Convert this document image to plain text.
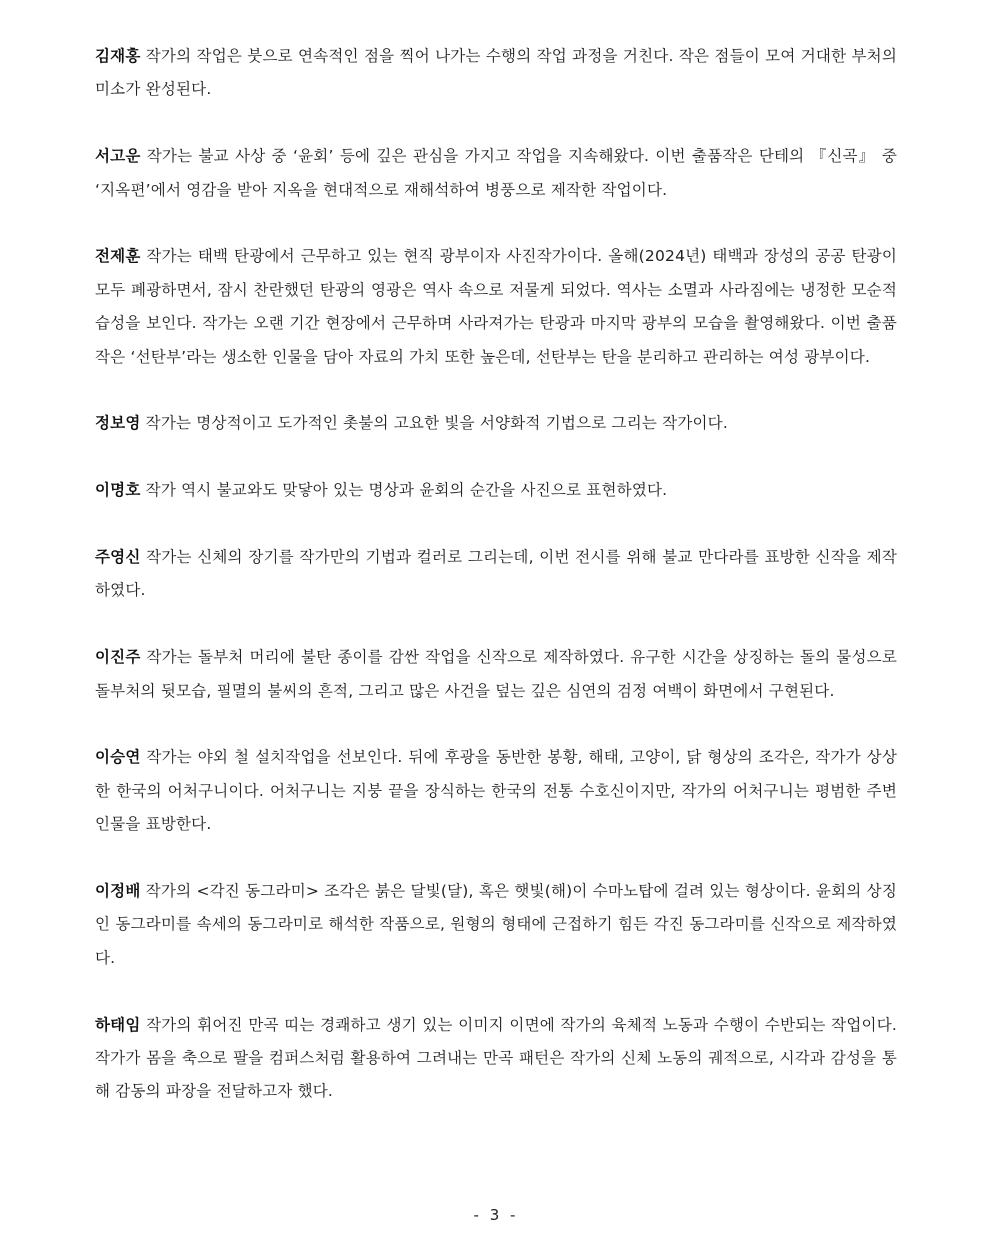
김재홍 작가의 작업은 붓으로 연속적인 점을 찍어 나가는 수행의 작업 과정을 거친다. 작은 점들이 모여 거대한 부처의 미소가 완성된다.

서고운 작가는 불교 사상 중 ‘윤회’ 등에 깊은 관심을 가지고 작업을 지속해왔다. 이번 출품작은 단테의 『신곡』 중 ‘지옥편’에서 영감을 받아 지옥을 현대적으로 재해석하여 병풍으로 제작한 작업이다.

전제훈 작가는 태백 탄광에서 근무하고 있는 현직 광부이자 사진작가이다. 올해(2024년) 태백과 장성의 공공 탄광이 모두 폐광하면서, 잠시 찬란했던 탄광의 영광은 역사 속으로 저물게 되었다. 역사는 소멸과 사라짐에는 냉정한 모순적 습성을 보인다. 작가는 오랜 기간 현장에서 근무하며 사라져가는 탄광과 마지막 광부의 모습을 촬영해왔다. 이번 출품작은 ‘선탄부’라는 생소한 인물을 담아 자료의 가치 또한 높은데, 선탄부는 탄을 분리하고 관리하는 여성 광부이다.

정보영 작가는 명상적이고 도가적인 촛불의 고요한 빛을 서양화적 기법으로 그리는 작가이다.

이명호 작가 역시 불교와도 맞닿아 있는 명상과 윤회의 순간을 사진으로 표현하였다.

주영신 작가는 신체의 장기를 작가만의 기법과 컬러로 그리는데, 이번 전시를 위해 불교 만다라를 표방한 신작을 제작하였다.

이진주 작가는 돌부처 머리에 불탄 종이를 감싼 작업을 신작으로 제작하였다. 유구한 시간을 상징하는 돌의 물성으로 돌부처의 뒷모습, 필멸의 불씨의 흔적, 그리고 많은 사건을 덮는 깊은 심연의 검정 여백이 화면에서 구현된다.

이승연 작가는 야외 철 설치작업을 선보인다. 뒤에 후광을 동반한 봉황, 해태, 고양이, 닭 형상의 조각은, 작가가 상상한 한국의 어처구니이다. 어처구니는 지붕 끝을 장식하는 한국의 전통 수호신이지만, 작가의 어처구니는 평범한 주변 인물을 표방한다.

이정배 작가의 <각진 동그라미> 조각은 붉은 달빛(달), 혹은 햇빛(해)이 수마노탑에 걸려 있는 형상이다. 윤회의 상징인 동그라미를 속세의 동그라미로 해석한 작품으로, 원형의 형태에 근접하기 힘든 각진 동그라미를 신작으로 제작하였다.

하태임 작가의 휘어진 만곡 띠는 경쾌하고 생기 있는 이미지 이면에 작가의 육체적 노동과 수행이 수반되는 작업이다. 작가가 몸을 축으로 팔을 컴퍼스처럼 활용하여 그려내는 만곡 패턴은 작가의 신체 노동의 궤적으로, 시각과 감성을 통해 감동의 파장을 전달하고자 했다.

- 3 -
